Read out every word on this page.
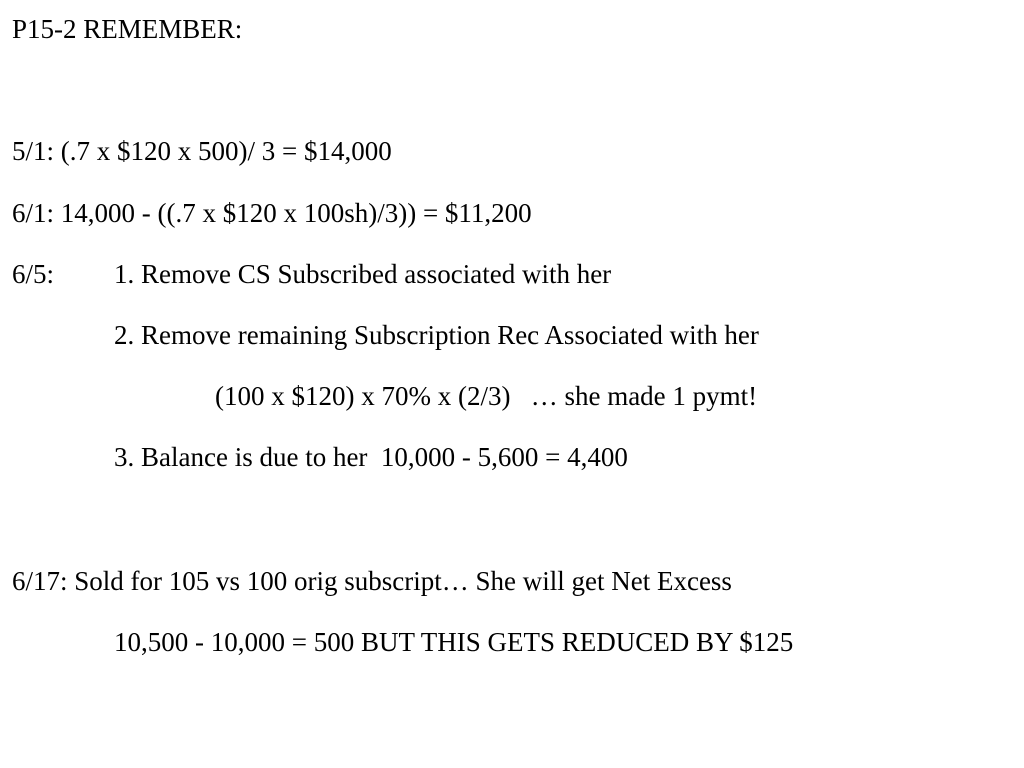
P15-2 REMEMBER:
5/1: (.7 x $120 x 500)/ 3 = $14,000
6/1: 14,000 - ((.7 x $120 x 100sh)/3)) = $11,200
6/5: 1. Remove CS Subscribed associated with her
2. Remove remaining Subscription Rec Associated with her
(100 x $120) x 70% x (2/3)   … she made 1 pymt!
3. Balance is due to her  10,000 - 5,600 = 4,400
6/17: Sold for 105 vs 100 orig subscript… She will get Net Excess
10,500 - 10,000 = 500 BUT THIS GETS REDUCED BY $125
